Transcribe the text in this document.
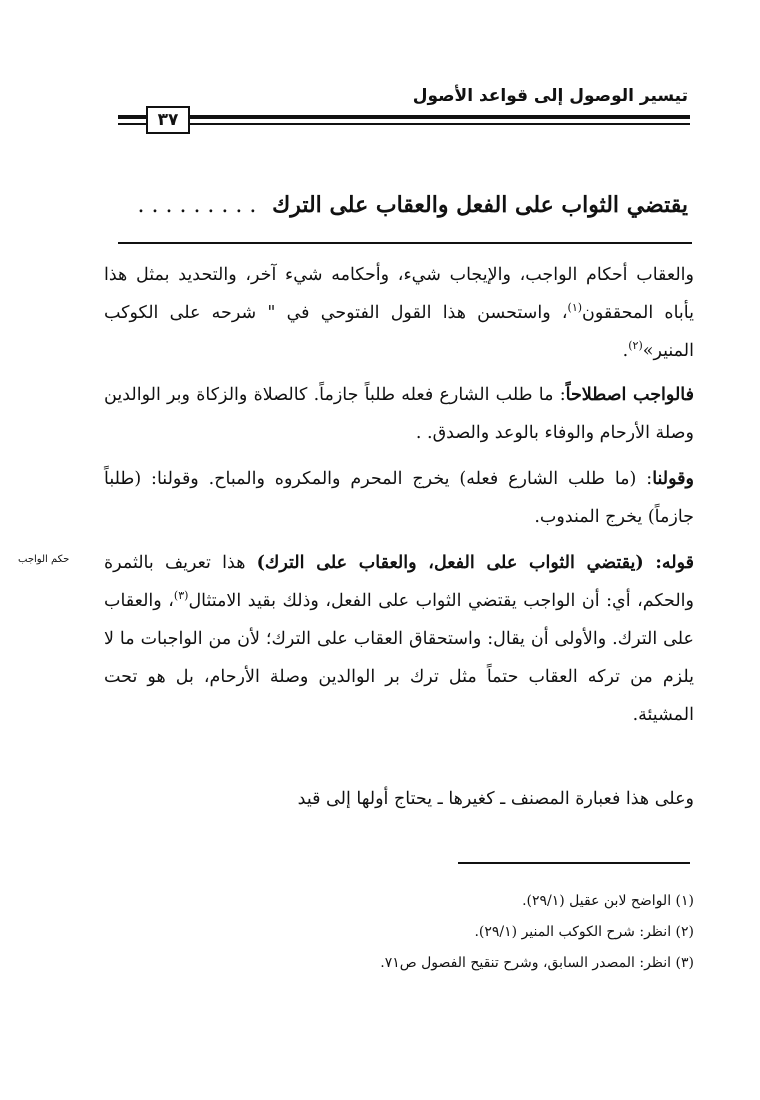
تيسير الوصول إلى قواعد الأصول
٣٧
يقتضي الثواب على الفعل والعقاب على الترك . . . . . . . . .
والعقاب أحكام الواجب، والإيجاب شيء، وأحكامه شيء آخر، والتحديد بمثل هذا يأباه المحققون$^{(١)}$، واستحسن هذا القول الفتوحي في " شرحه على الكوكب المنير»$^{(٢)}$.
فالواجب اصطلاحاً: ما طلب الشارع فعله طلباً جازماً. كالصلاة والزكاة وبر الوالدين وصلة الأرحام والوفاء بالوعد والصدق. .
وقولنا: (ما طلب الشارع فعله) يخرج المحرم والمكروه والمباح. وقولنا: (طلباً جازماً) يخرج المندوب.
حكم الواجب	قوله: (يقتضي الثواب على الفعل، والعقاب على الترك) هذا تعريف بالثمرة والحكم، أي: أن الواجب يقتضي الثواب على الفعل، وذلك بقيد الامتثال$^{(٣)}$، والعقاب على الترك. والأولى أن يقال: واستحقاق العقاب على الترك؛ لأن من الواجبات ما لا يلزم من تركه العقاب حتماً مثل ترك بر الوالدين وصلة الأرحام، بل هو تحت المشيئة.
وعلى هذا فعبارة المصنف ـ كغيرها ـ يحتاج أولها إلى قيد
(١) الواضح لابن عقيل (٢٩/١).
(٢) انظر: شرح الكوكب المنير (٢٩/١).
(٣) انظر: المصدر السابق، وشرح تنقيح الفصول ص٧١.
